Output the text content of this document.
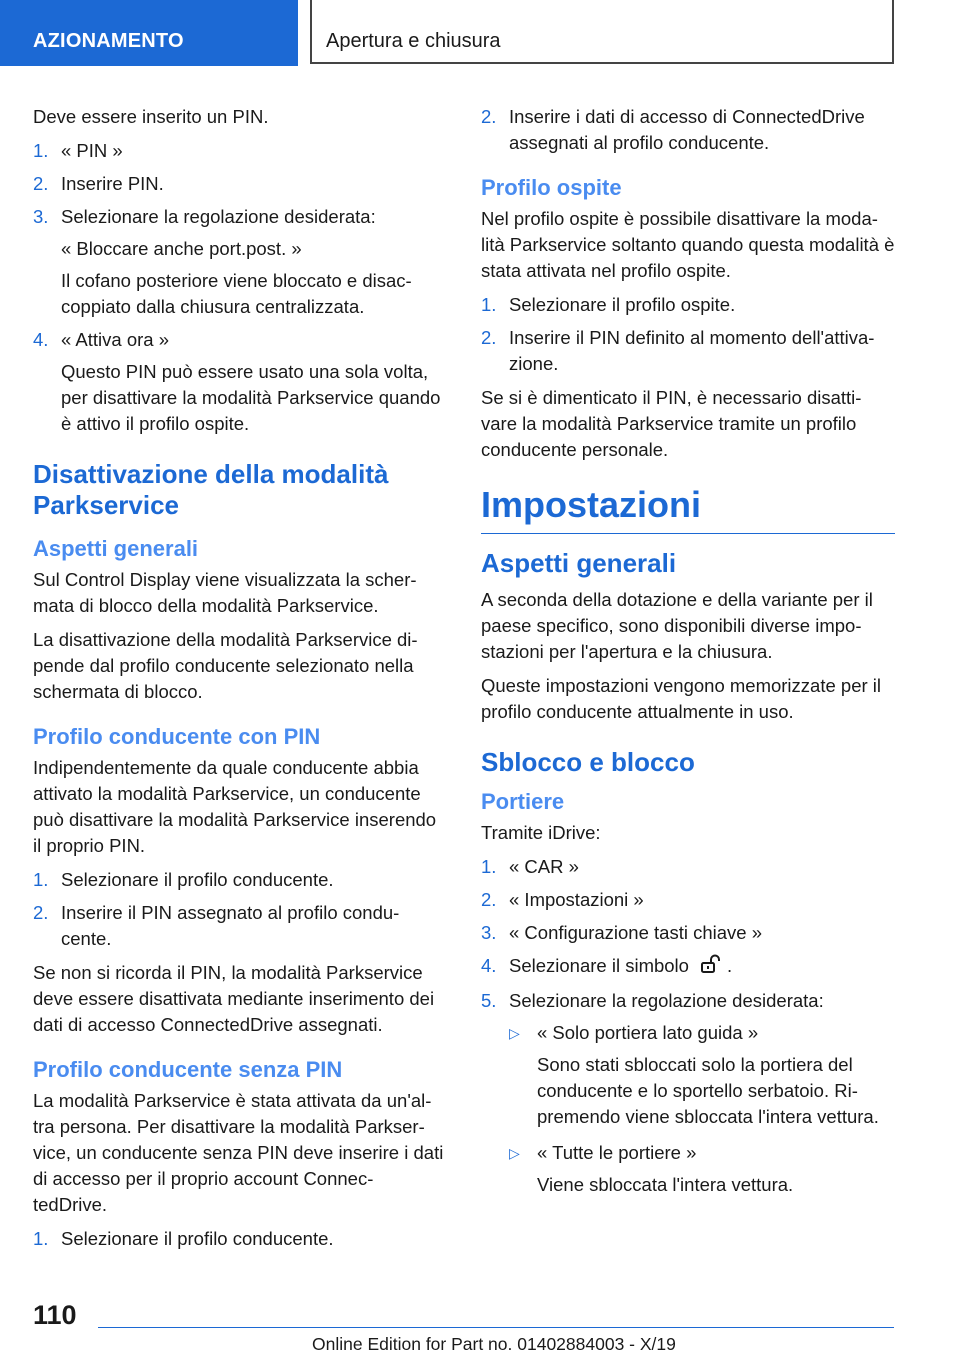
AZIONAMENTO	Apertura e chiusura

Deve essere inserito un PIN.

1. « PIN »
2. Inserire PIN.
3. Selezionare la regolazione desiderata:
« Bloccare anche port.post. »
Il cofano posteriore viene bloccato e disac-coppiato dalla chiusura centralizzata.
4. « Attiva ora »
Questo PIN può essere usato una sola volta, per disattivare la modalità Parkservice quando è attivo il profilo ospite.
Disattivazione della modalità Parkservice
Aspetti generali

Sul Control Display viene visualizzata la scher-mata di blocco della modalità Parkservice.

La disattivazione della modalità Parkservice di-pende dal profilo conducente selezionato nella schermata di blocco.

Profilo conducente con PIN

Indipendentemente da quale conducente abbia attivato la modalità Parkservice, un conducente può disattivare la modalità Parkservice inserendo il proprio PIN.

1. Selezionare il profilo conducente.
2. Inserire il PIN assegnato al profilo condu-cente.

Se non si ricorda il PIN, la modalità Parkservice deve essere disattivata mediante inserimento dei dati di accesso ConnectedDrive assegnati.

Profilo conducente senza PIN

La modalità Parkservice è stata attivata da un'al-tra persona. Per disattivare la modalità Parkser-vice, un conducente senza PIN deve inserire i dati di accesso per il proprio account Connec-tedDrive.

1. Selezionare il profilo conducente.
2. Inserire i dati di accesso di ConnectedDrive assegnati al profilo conducente.
Profilo ospite

Nel profilo ospite è possibile disattivare la moda-lità Parkservice soltanto quando questa modalità è stata attivata nel profilo ospite.

1. Selezionare il profilo ospite.
2. Inserire il PIN definito al momento dell'attiva-zione.

Se si è dimenticato il PIN, è necessario disatti-vare la modalità Parkservice tramite un profilo conducente personale.

Impostazioni
Aspetti generali

A seconda della dotazione e della variante per il paese specifico, sono disponibili diverse impo-stazioni per l'apertura e la chiusura.

Queste impostazioni vengono memorizzate per il profilo conducente attualmente in uso.

Sblocco e blocco
Portiere

Tramite iDrive:

1. « CAR »
2. « Impostazioni »
3. « Configurazione tasti chiave »
4. Selezionare il simbolo .
5. Selezionare la regolazione desiderata:
▷ « Solo portiera lato guida »
Sono stati sbloccati solo la portiera del conducente e lo sportello serbatoio. Ri-premendo viene sbloccata l'intera vettura.
▷ « Tutte le portiere »
Viene sbloccata l'intera vettura.
110
Online Edition for Part no. 01402884003 - X/19
